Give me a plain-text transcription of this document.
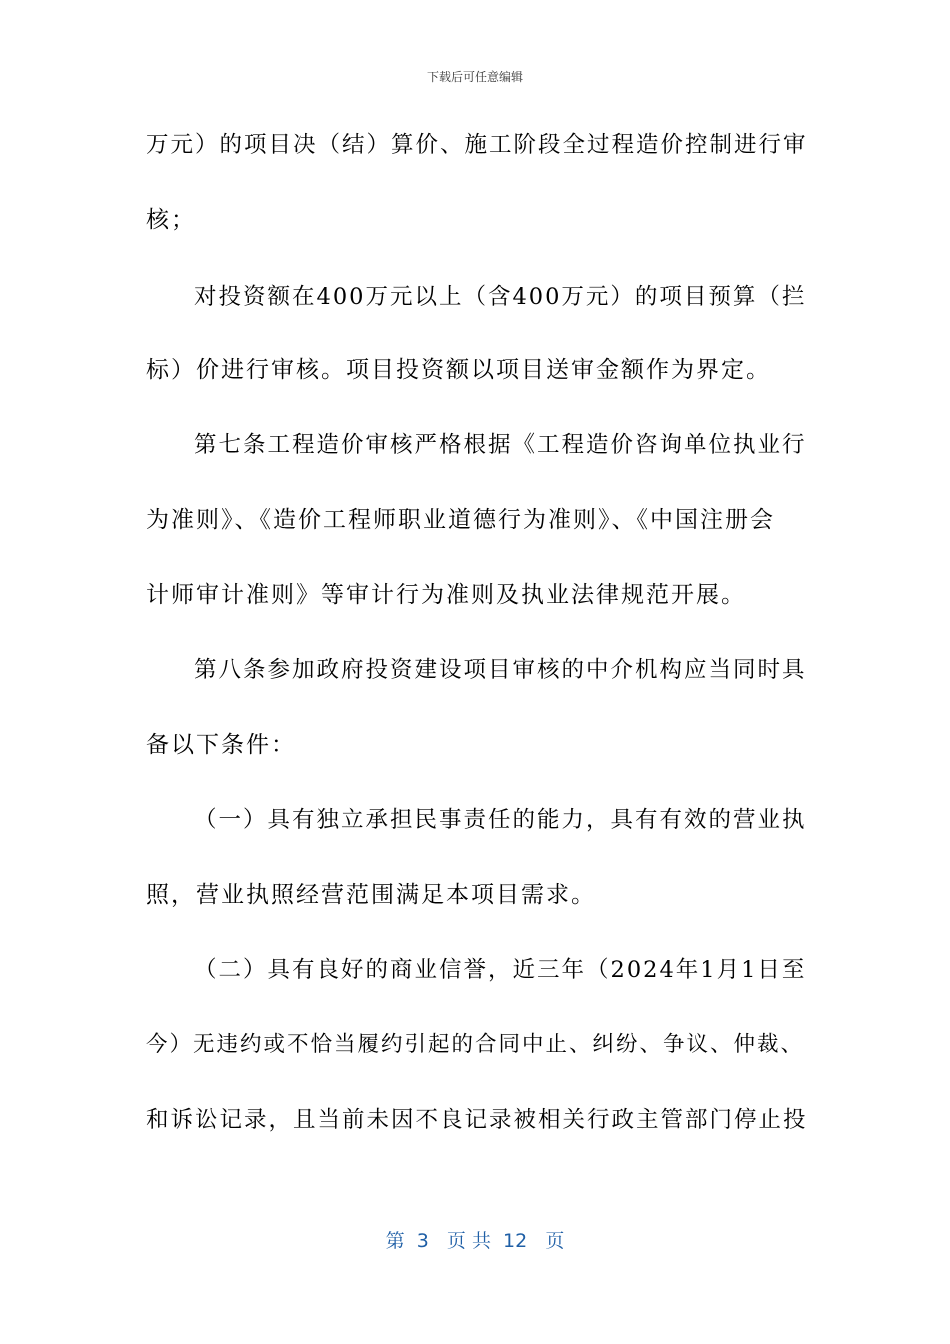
下载后可任意编辑
万元）的项目决（结）算价、施工阶段全过程造价控制进行审
核；
对投资额在400万元以上（含400万元）的项目预算（拦
标）价进行审核。项目投资额以项目送审金额作为界定。
第七条工程造价审核严格根据《工程造价咨询单位执业行
为准则》、《造价工程师职业道德行为准则》、《中国注册会
计师审计准则》等审计行为准则及执业法律规范开展。
第八条参加政府投资建设项目审核的中介机构应当同时具
备以下条件：
（一）具有独立承担民事责任的能力，具有有效的营业执
照，营业执照经营范围满足本项目需求。
（二）具有良好的商业信誉，近三年（2024年1月1日至
今）无违约或不恰当履约引起的合同中止、纠纷、争议、仲裁、
和诉讼记录，且当前未因不良记录被相关行政主管部门停止投
第  3   页 共  12   页
